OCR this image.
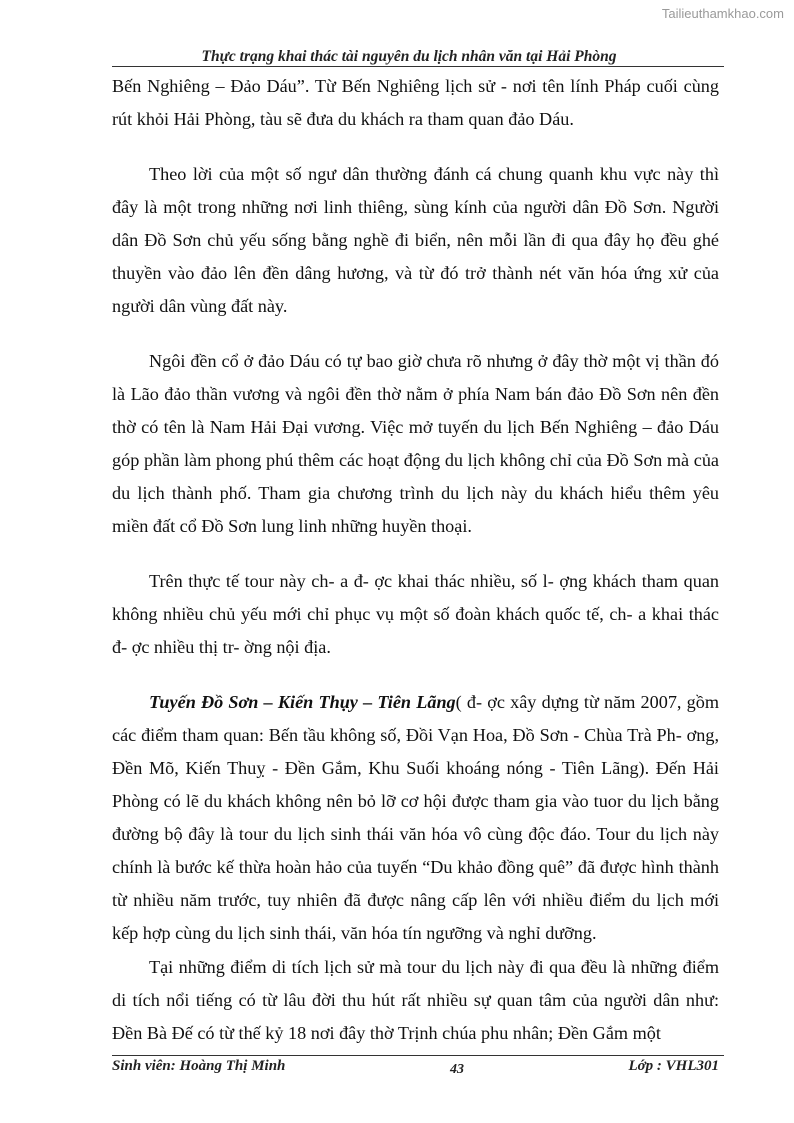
Tailieuthamkhao.com
Thực trạng khai thác tài nguyên du lịch nhân văn tại Hải Phòng

Bến Nghiêng – Đảo Dáu”. Từ Bến Nghiêng lịch sử - nơi tên lính Pháp cuối cùng rút khỏi Hải Phòng, tàu sẽ đưa du khách ra tham quan đảo Dáu.

Theo lời của một số ngư dân thường đánh cá chung quanh khu vực này thì đây là một trong những nơi linh thiêng, sùng kính của người dân Đồ Sơn. Người dân Đồ Sơn chủ yếu sống bằng nghề đi biển, nên mỗi lần đi qua đây họ đều ghé thuyền vào đảo lên đền dâng hương, và từ đó trở thành nét văn hóa ứng xử của người dân vùng đất này.

Ngôi đền cổ ở đảo Dáu có tự bao giờ chưa rõ nhưng ở đây thờ một vị thần đó là Lão đảo thần vương và ngôi đền thờ nằm ở phía Nam bán đảo Đồ Sơn nên đền thờ có tên là Nam Hải Đại vương. Việc mở tuyến du lịch Bến Nghiêng – đảo Dáu góp phần làm phong phú thêm các hoạt động du lịch không chỉ của Đồ Sơn mà của du lịch thành phố. Tham gia chương trình du lịch này du khách hiểu thêm yêu miền đất cổ Đồ Sơn lung linh những huyền thoại.

Trên thực tế tour này ch- a đ- ợc khai thác nhiều, số l- ợng khách tham quan không nhiều chủ yếu mới chỉ phục vụ một số đoàn khách quốc tế, ch- a khai thác đ- ợc nhiều thị tr- ờng nội địa.

Tuyến Đồ Sơn – Kiến Thụy – Tiên Lãng( đ- ợc xây dựng từ năm 2007, gồm các điểm tham quan: Bến tầu không số, Đồi Vạn Hoa, Đồ Sơn - Chùa Trà Ph- ơng, Đền Mõ, Kiến Thuỵ - Đền Gắm, Khu Suối khoáng nóng - Tiên Lãng). Đến Hải Phòng có lẽ du khách không nên bỏ lỡ cơ hội được tham gia vào tuor du lịch bằng đường bộ đây là tour du lịch sinh thái văn hóa vô cùng độc đáo. Tour du lịch này chính là bước kế thừa hoàn hảo của tuyến “Du khảo đồng quê” đã được hình thành từ nhiều năm trước, tuy nhiên đã được nâng cấp lên với nhiều điểm du lịch mới kếp hợp cùng du lịch sinh thái, văn hóa tín ngưỡng và nghỉ dưỡng.

Tại những điểm di tích lịch sử mà tour du lịch này đi qua đều là những điểm di tích nổi tiếng có từ lâu đời thu hút rất nhiều sự quan tâm của người dân như: Đền Bà Đế có từ thế kỷ 18 nơi đây thờ Trịnh chúa phu nhân; Đền Gắm một

Sinh viên: Hoàng Thị Minh	43	Lớp : VHL301
